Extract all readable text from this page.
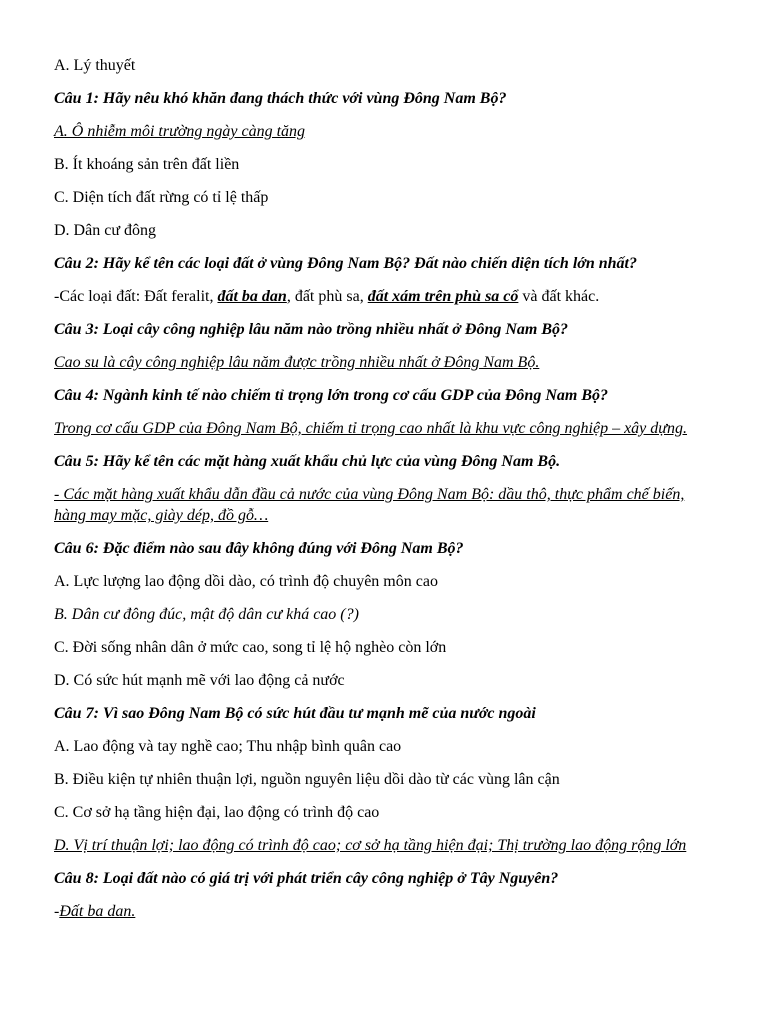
A. Lý thuyết

Câu 1: Hãy nêu khó khăn đang thách thức với vùng Đông Nam Bộ?

A. Ô nhiễm môi trường ngày càng tăng

B. Ít khoáng sản trên đất liền

C. Diện tích đất rừng có tỉ lệ thấp

D. Dân cư đông

Câu 2: Hãy kể tên các loại đất ở vùng Đông Nam Bộ? Đất nào chiến diện tích lớn nhất?

-Các loại đất: Đất feralit, đất ba dan, đất phù sa, đất xám trên phù sa cổ và đất khác.

Câu 3: Loại cây công nghiệp lâu năm nào trồng nhiều nhất ở Đông Nam Bộ?

Cao su là cây công nghiệp lâu năm được trồng nhiều nhất ở Đông Nam Bộ.

Câu 4: Ngành kinh tế nào chiếm tỉ trọng lớn trong cơ cấu GDP của Đông Nam Bộ?

Trong cơ cấu GDP của Đông Nam Bộ, chiếm tỉ trọng cao nhất là khu vực công nghiệp – xây dựng.

Câu 5: Hãy kể tên các mặt hàng xuất khẩu chủ lực của vùng Đông Nam Bộ.

- Các mặt hàng xuất khẩu dẫn đầu cả nước của vùng Đông Nam Bộ: dầu thô, thực phẩm chế biến, hàng may mặc, giày dép, đồ gỗ…

Câu 6: Đặc điểm nào sau đây không đúng với Đông Nam Bộ?

A. Lực lượng lao động dồi dào, có trình độ chuyên môn cao

B. Dân cư đông đúc, mật độ dân cư khá cao (?)

C. Đời sống nhân dân ở mức cao, song tỉ lệ hộ nghèo còn lớn

D. Có sức hút mạnh mẽ với lao động cả nước

Câu 7: Vì sao Đông Nam Bộ có sức hút đầu tư mạnh mẽ của nước ngoài

A. Lao động và tay nghề cao; Thu nhập bình quân cao

B. Điều kiện tự nhiên thuận lợi, nguồn nguyên liệu dồi dào từ các vùng lân cận

C. Cơ sở hạ tầng hiện đại, lao động có trình độ cao

D. Vị trí thuận lợi; lao động có trình độ cao; cơ sở hạ tầng hiện đại; Thị trường lao động rộng lớn

Câu 8: Loại đất nào có giá trị với phát triển cây công nghiệp ở Tây Nguyên?

-Đất ba dan.
